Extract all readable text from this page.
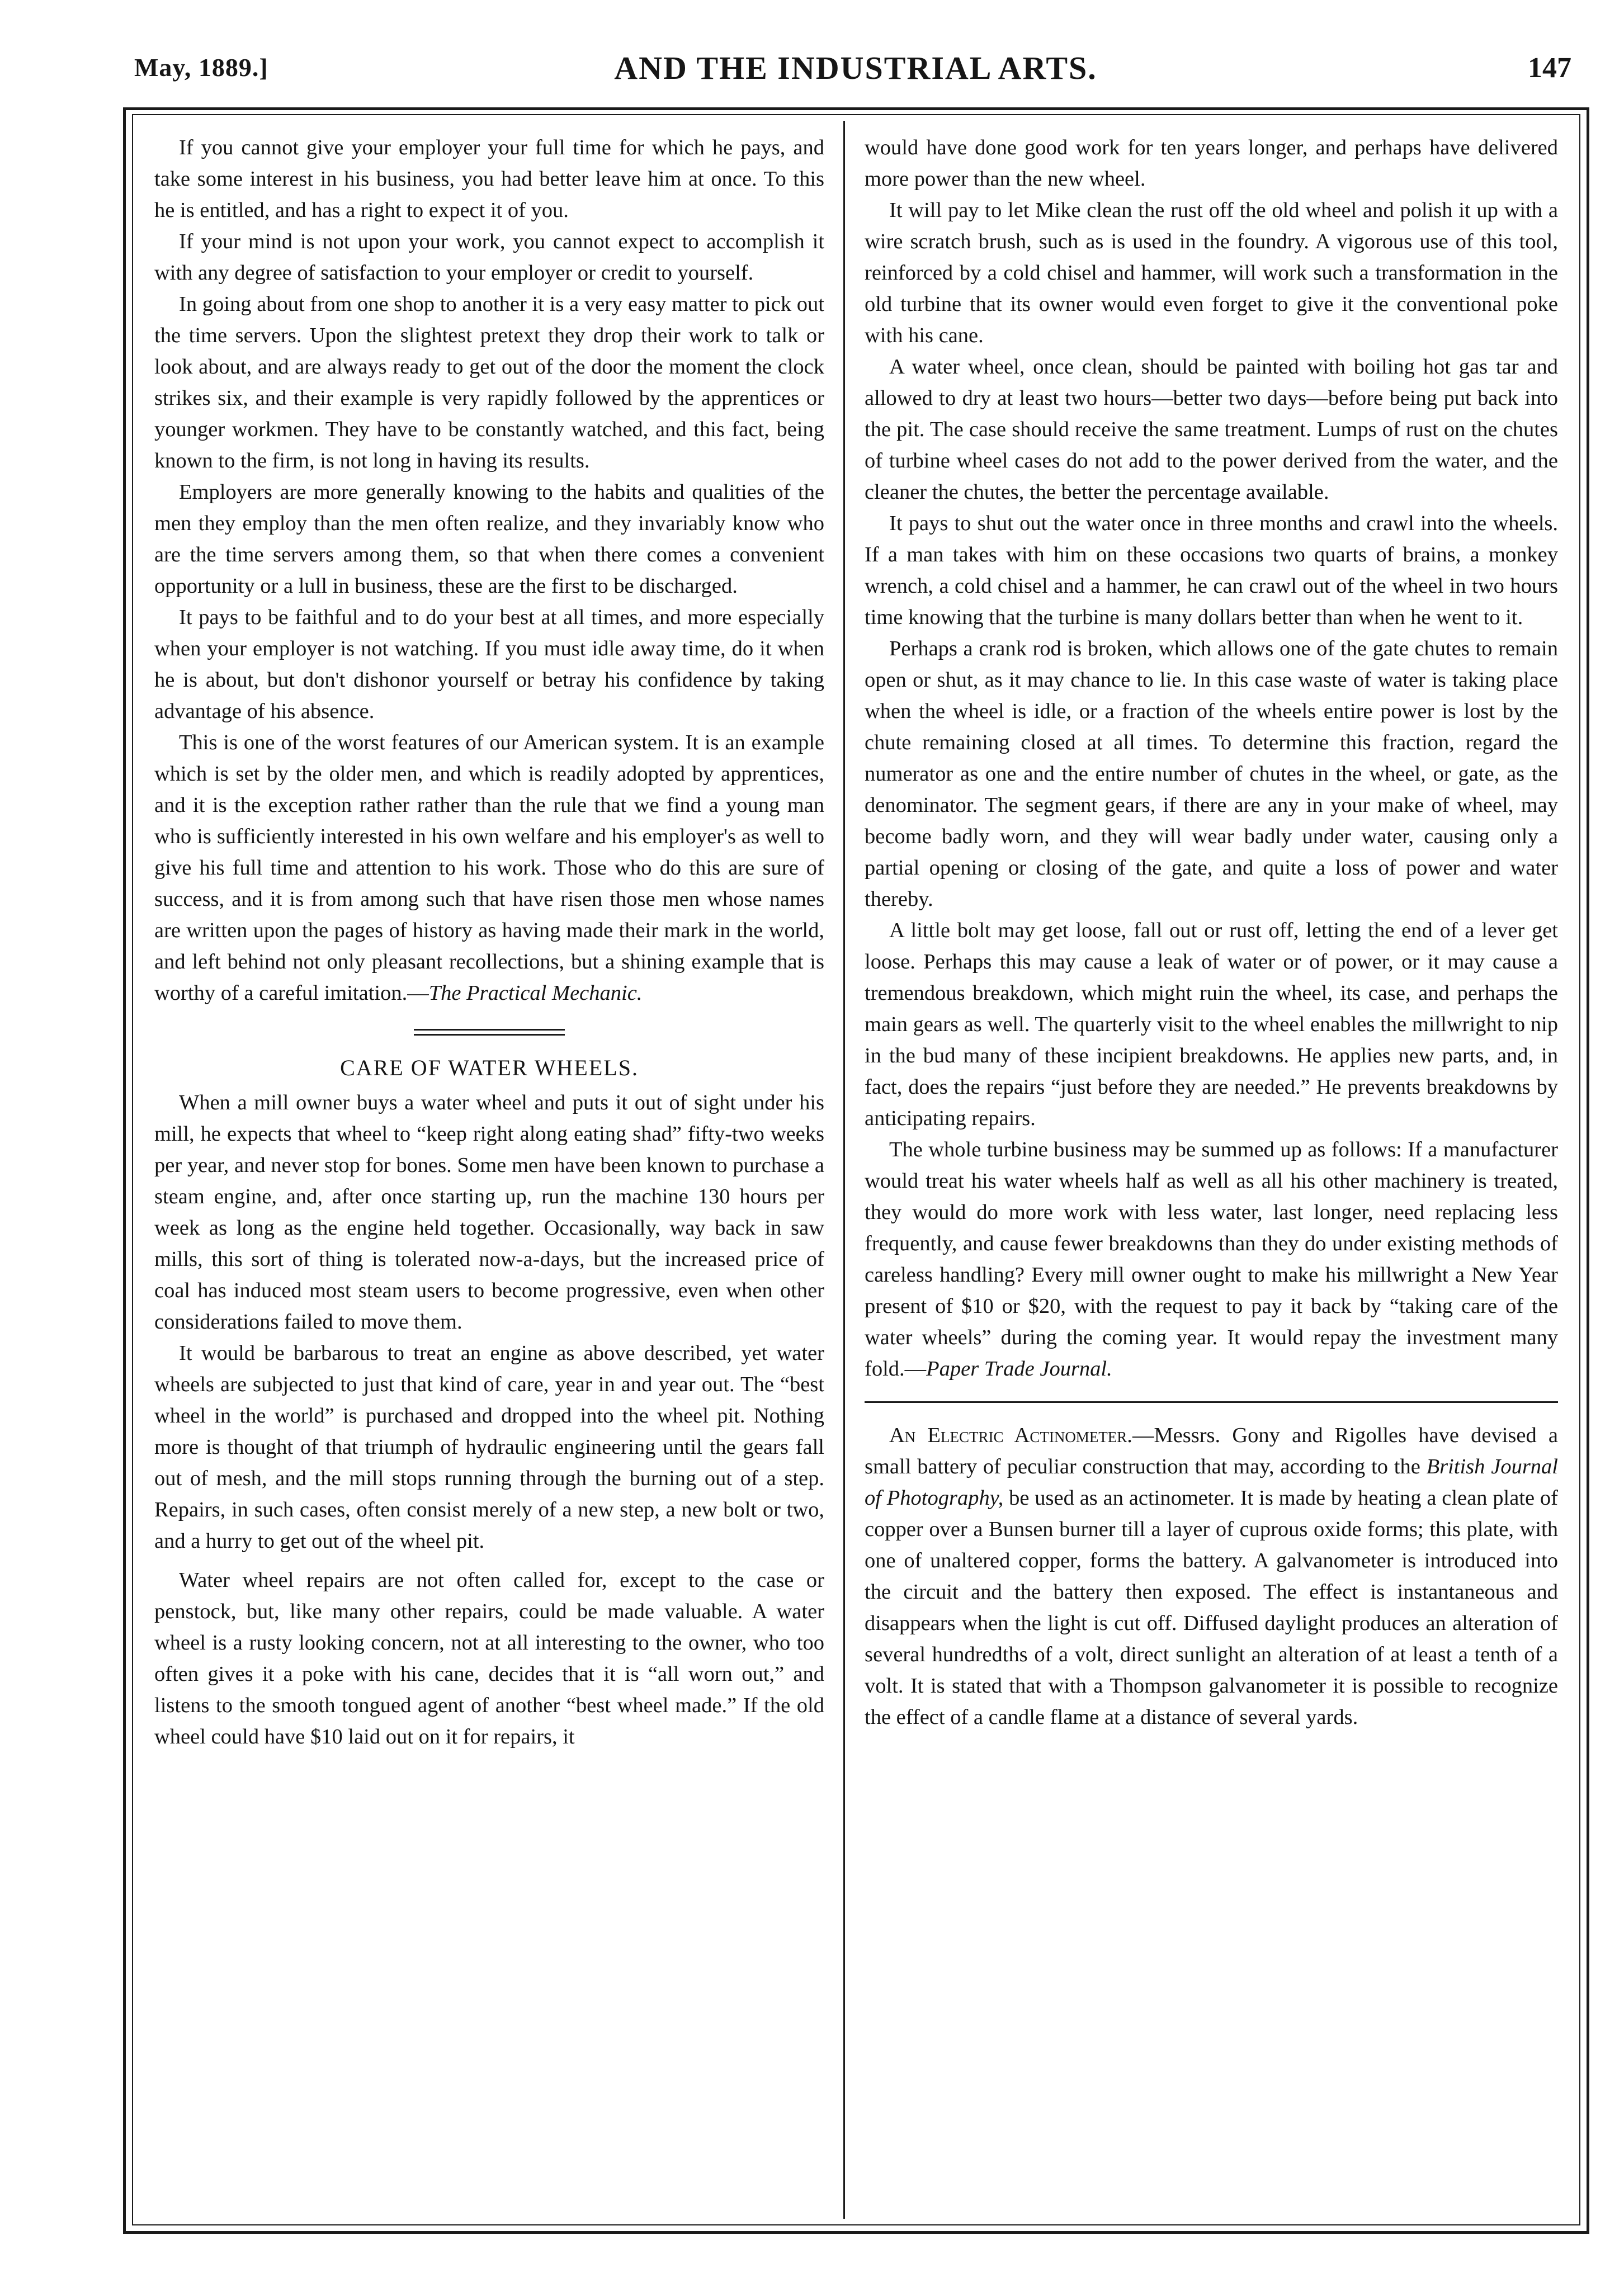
May, 1889.]	AND THE INDUSTRIAL ARTS.	147

If you cannot give your employer your full time for which he pays, and take some interest in his business, you had better leave him at once. To this he is entitled, and has a right to expect it of you.

If your mind is not upon your work, you cannot expect to accomplish it with any degree of satisfaction to your employer or credit to yourself.

In going about from one shop to another it is a very easy matter to pick out the time servers. Upon the slightest pretext they drop their work to talk or look about, and are always ready to get out of the door the moment the clock strikes six, and their example is very rapidly followed by the apprentices or younger workmen. They have to be constantly watched, and this fact, being known to the firm, is not long in having its results.

Employers are more generally knowing to the habits and qualities of the men they employ than the men often realize, and they invariably know who are the time servers among them, so that when there comes a convenient opportunity or a lull in business, these are the first to be discharged.

It pays to be faithful and to do your best at all times, and more especially when your employer is not watching. If you must idle away time, do it when he is about, but don't dishonor yourself or betray his confidence by taking advantage of his absence.

This is one of the worst features of our American system. It is an example which is set by the older men, and which is readily adopted by apprentices, and it is the exception rather rather than the rule that we find a young man who is sufficiently interested in his own welfare and his employer's as well to give his full time and attention to his work. Those who do this are sure of success, and it is from among such that have risen those men whose names are written upon the pages of history as having made their mark in the world, and left behind not only pleasant recollections, but a shining example that is worthy of a careful imitation.—The Practical Mechanic.

CARE OF WATER WHEELS.

When a mill owner buys a water wheel and puts it out of sight under his mill, he expects that wheel to “keep right along eating shad” fifty-two weeks per year, and never stop for bones. Some men have been known to purchase a steam engine, and, after once starting up, run the machine 130 hours per week as long as the engine held together. Occasionally, way back in saw mills, this sort of thing is tolerated now-a-days, but the increased price of coal has induced most steam users to become progressive, even when other considerations failed to move them.

It would be barbarous to treat an engine as above described, yet water wheels are subjected to just that kind of care, year in and year out. The “best wheel in the world” is purchased and dropped into the wheel pit. Nothing more is thought of that triumph of hydraulic engineering until the gears fall out of mesh, and the mill stops running through the burning out of a step. Repairs, in such cases, often consist merely of a new step, a new bolt or two, and a hurry to get out of the wheel pit.

Water wheel repairs are not often called for, except to the case or penstock, but, like many other repairs, could be made valuable. A water wheel is a rusty looking concern, not at all interesting to the owner, who too often gives it a poke with his cane, decides that it is “all worn out,” and listens to the smooth tongued agent of another “best wheel made.” If the old wheel could have $10 laid out on it for repairs, it

would have done good work for ten years longer, and perhaps have delivered more power than the new wheel.

It will pay to let Mike clean the rust off the old wheel and polish it up with a wire scratch brush, such as is used in the foundry. A vigorous use of this tool, reinforced by a cold chisel and hammer, will work such a transformation in the old turbine that its owner would even forget to give it the conventional poke with his cane.

A water wheel, once clean, should be painted with boiling hot gas tar and allowed to dry at least two hours—better two days—before being put back into the pit. The case should receive the same treatment. Lumps of rust on the chutes of turbine wheel cases do not add to the power derived from the water, and the cleaner the chutes, the better the percentage available.

It pays to shut out the water once in three months and crawl into the wheels. If a man takes with him on these occasions two quarts of brains, a monkey wrench, a cold chisel and a hammer, he can crawl out of the wheel in two hours time knowing that the turbine is many dollars better than when he went to it.

Perhaps a crank rod is broken, which allows one of the gate chutes to remain open or shut, as it may chance to lie. In this case waste of water is taking place when the wheel is idle, or a fraction of the wheels entire power is lost by the chute remaining closed at all times. To determine this fraction, regard the numerator as one and the entire number of chutes in the wheel, or gate, as the denominator. The segment gears, if there are any in your make of wheel, may become badly worn, and they will wear badly under water, causing only a partial opening or closing of the gate, and quite a loss of power and water thereby.

A little bolt may get loose, fall out or rust off, letting the end of a lever get loose. Perhaps this may cause a leak of water or of power, or it may cause a tremendous breakdown, which might ruin the wheel, its case, and perhaps the main gears as well. The quarterly visit to the wheel enables the millwright to nip in the bud many of these incipient breakdowns. He applies new parts, and, in fact, does the repairs “just before they are needed.” He prevents breakdowns by anticipating repairs.

The whole turbine business may be summed up as follows: If a manufacturer would treat his water wheels half as well as all his other machinery is treated, they would do more work with less water, last longer, need replacing less frequently, and cause fewer breakdowns than they do under existing methods of careless handling? Every mill owner ought to make his millwright a New Year present of $10 or $20, with the request to pay it back by “taking care of the water wheels” during the coming year. It would repay the investment many fold.—Paper Trade Journal.

An Electric Actinometer.—Messrs. Gony and Rigolles have devised a small battery of peculiar construction that may, according to the British Journal of Photography, be used as an actinometer. It is made by heating a clean plate of copper over a Bunsen burner till a layer of cuprous oxide forms; this plate, with one of unaltered copper, forms the battery. A galvanometer is introduced into the circuit and the battery then exposed. The effect is instantaneous and disappears when the light is cut off. Diffused daylight produces an alteration of several hundredths of a volt, direct sunlight an alteration of at least a tenth of a volt. It is stated that with a Thompson galvanometer it is possible to recognize the effect of a candle flame at a distance of several yards.
